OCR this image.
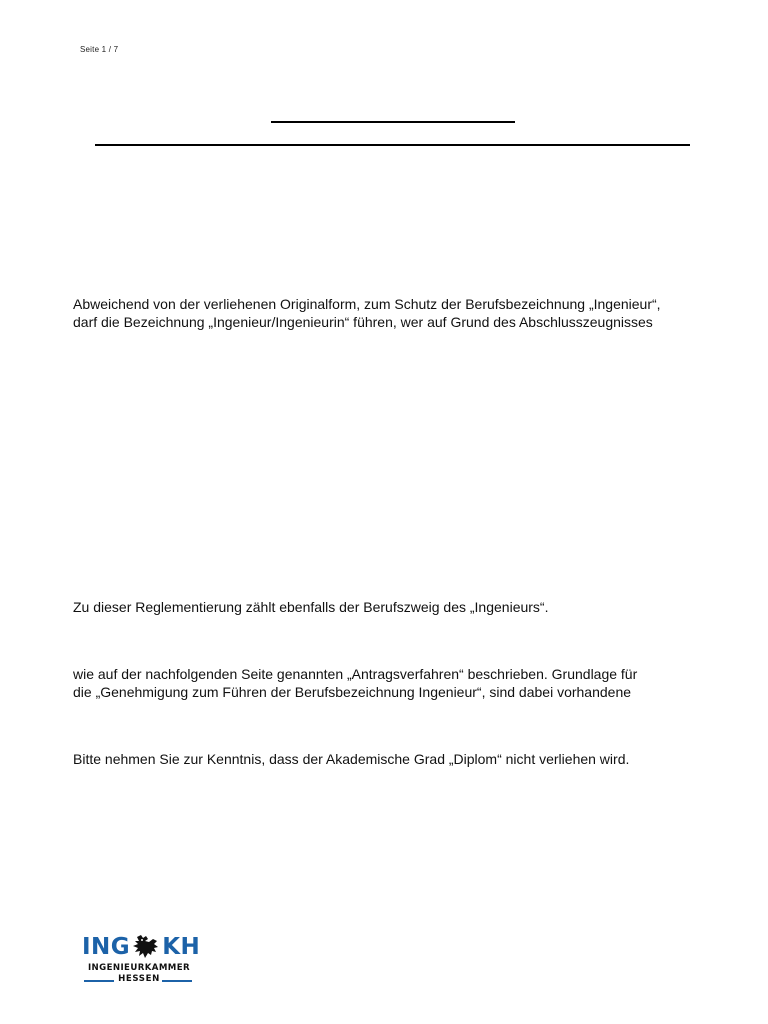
Seite 1 / 7

Abweichend von der verliehenen Originalform, zum Schutz der Berufsbezeichnung „Ingenieur“,
darf die Bezeichnung „Ingenieur/Ingenieurin“ führen, wer auf Grund des Abschlusszeugnisses

Zu dieser Reglementierung zählt ebenfalls der Berufszweig des „Ingenieurs“.

wie auf der nachfolgenden Seite genannten „Antragsverfahren“ beschrieben. Grundlage für
die „Genehmigung zum Führen der Berufsbezeichnung Ingenieur“, sind dabei vorhandene

Bitte nehmen Sie zur Kenntnis, dass der Akademische Grad „Diplom“ nicht verliehen wird.

ING KH
INGENIEURKAMMER
HESSEN
